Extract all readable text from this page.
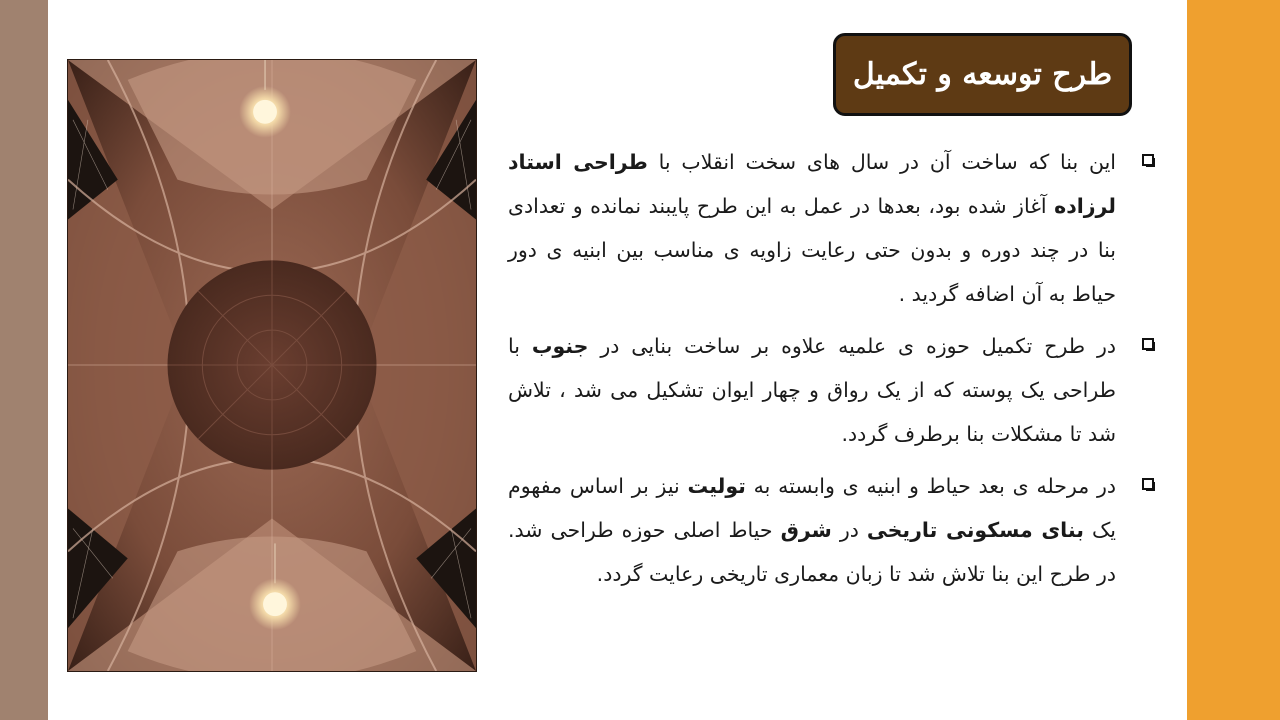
طرح توسعه و تکمیل
این بنا که ساخت آن در سال های سخت انقلاب با طراحی استاد لرزاده آغاز شده بود، بعدها در عمل به این طرح پایبند نمانده و تعدادی بنا در چند دوره و بدون حتی رعایت زاویه ی مناسب بین ابنیه ی دور حیاط به آن اضافه گردید .
در طرح تکمیل حوزه ی علمیه علاوه بر ساخت بنایی در جنوب با طراحی یک پوسته که از یک رواق و چهار ایوان تشکیل می شد ، تلاش شد تا مشکلات بنا برطرف گردد.
در مرحله ی بعد حیاط و ابنیه ی وابسته به تولیت نیز بر اساس مفهوم یک بنای مسکونی تاریخی در شرق حیاط اصلی حوزه طراحی شد. در طرح این بنا تلاش شد تا زبان معماری تاریخی رعایت گردد.
